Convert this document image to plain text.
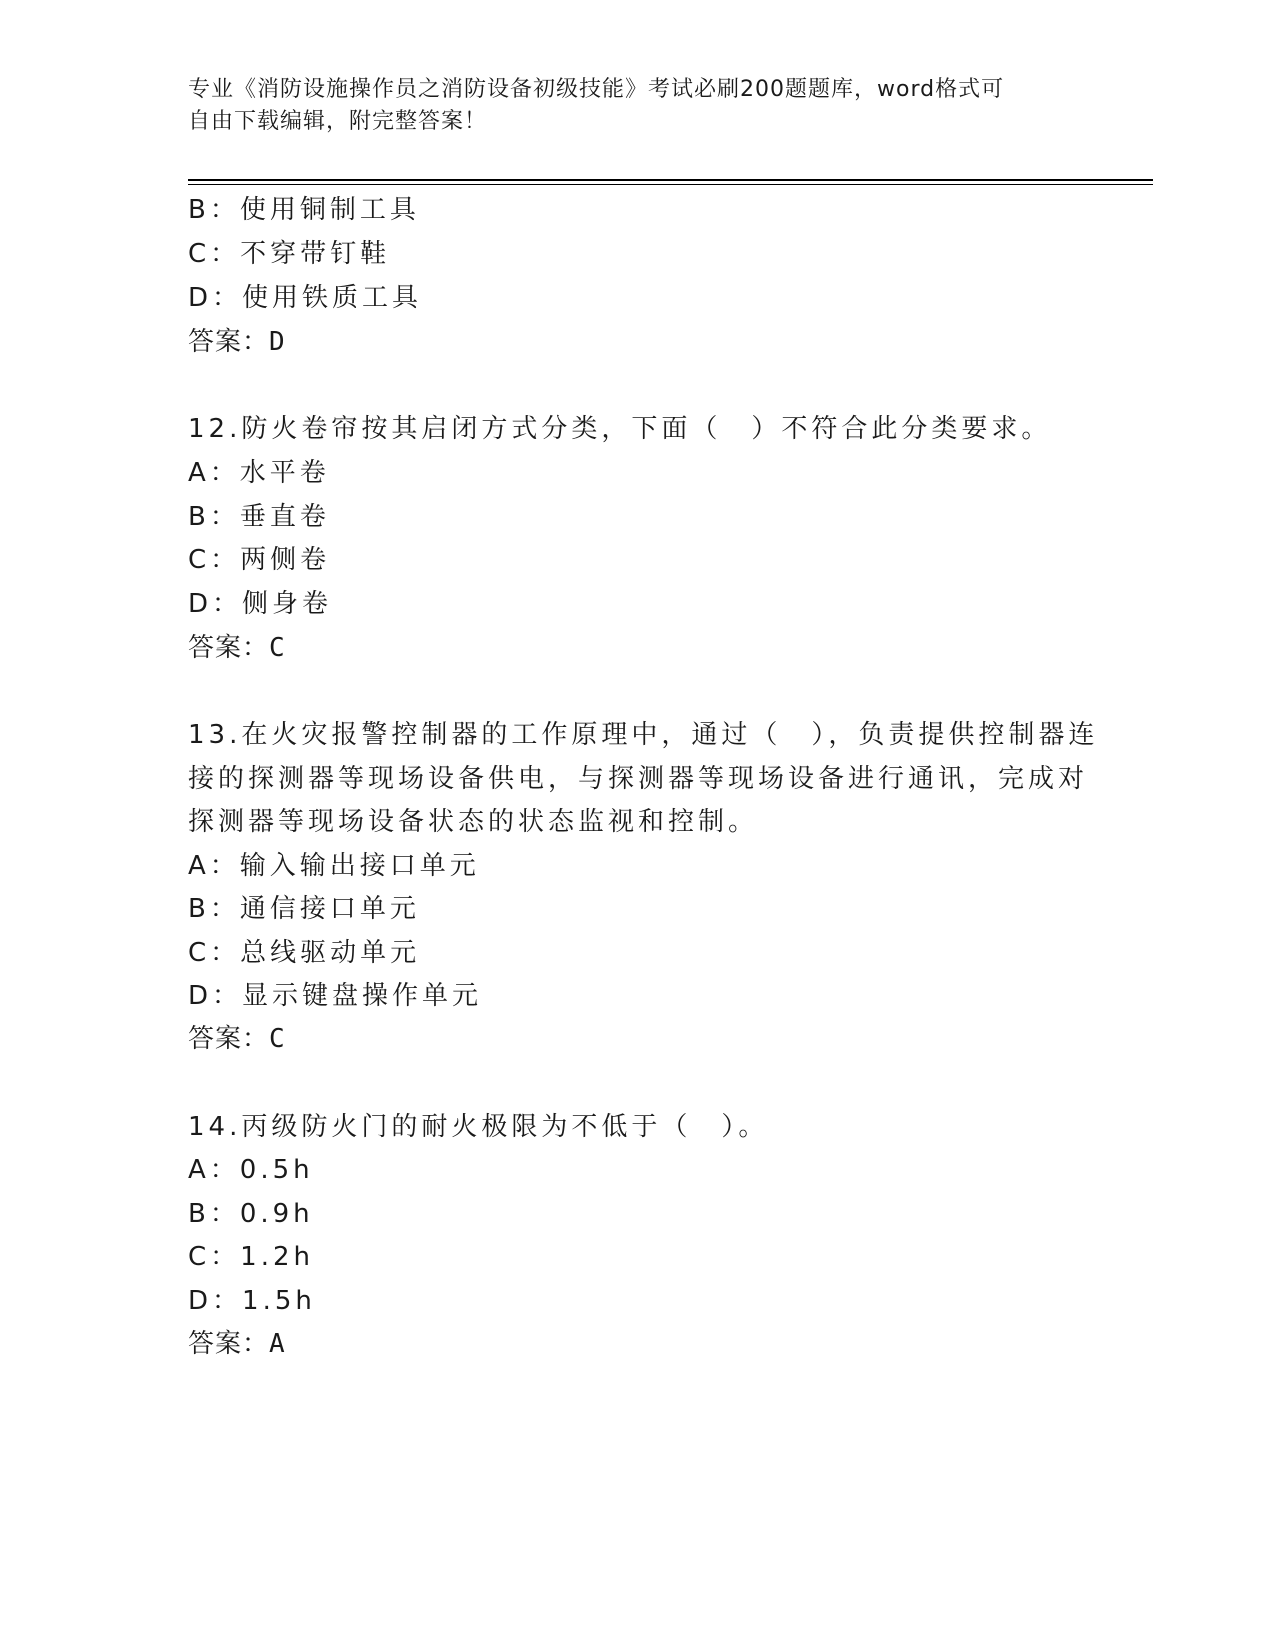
专业《消防设施操作员之消防设备初级技能》考试必刷200题题库，word格式可
自由下载编辑，附完整答案！
B：使用铜制工具
C：不穿带钉鞋
D：使用铁质工具
答案：D
12.防火卷帘按其启闭方式分类，下面（　）不符合此分类要求。
A：水平卷
B：垂直卷
C：两侧卷
D：侧身卷
答案：C
13.在火灾报警控制器的工作原理中，通过（　），负责提供控制器连
接的探测器等现场设备供电，与探测器等现场设备进行通讯，完成对
探测器等现场设备状态的状态监视和控制。
A：输入输出接口单元
B：通信接口单元
C：总线驱动单元
D：显示键盘操作单元
答案：C
14.丙级防火门的耐火极限为不低于（　）。
A：0.5h
B：0.9h
C：1.2h
D：1.5h
答案：A
